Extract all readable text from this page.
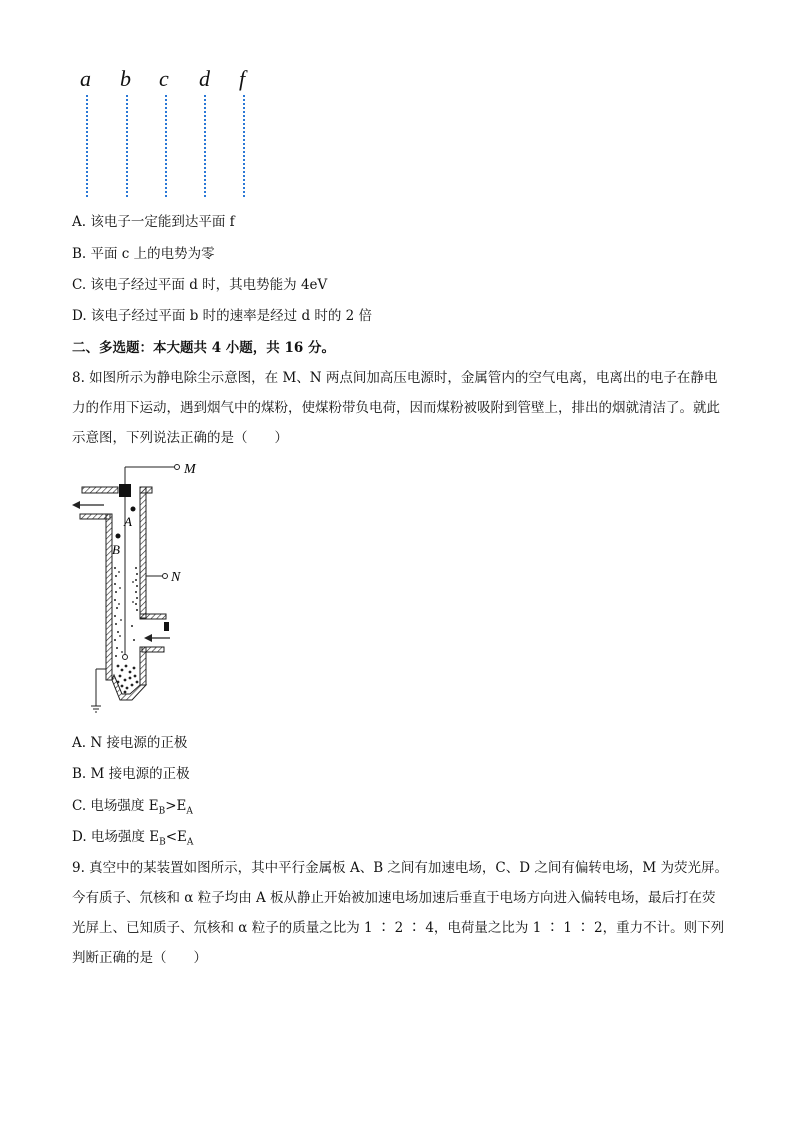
a b c d f
A. 该电子一定能到达平面 f
B. 平面 c 上的电势为零
C. 该电子经过平面 d 时，其电势能为 4eV
D. 该电子经过平面 b 时的速率是经过 d 时的 2 倍
二、多选题：本大题共 4 小题，共 16 分。
8. 如图所示为静电除尘示意图，在 M、N 两点间加高压电源时，金属管内的空气电离，电离出的电子在静电力的作用下运动，遇到烟气中的煤粉，使煤粉带负电荷，因而煤粉被吸附到管壁上，排出的烟就清洁了。就此示意图，下列说法正确的是（　　）
M
N
A
B
A. N 接电源的正极
B. M 接电源的正极
C. 电场强度 $E_B>E_A$
D. 电场强度 $E_B<E_A$
9. 真空中的某装置如图所示，其中平行金属板 A、B 之间有加速电场，C、D 之间有偏转电场，M 为荧光屏。今有质子、氘核和 α 粒子均由 A 板从静止开始被加速电场加速后垂直于电场方向进入偏转电场，最后打在荧光屏上、已知质子、氘核和 α 粒子的质量之比为 1 ∶ 2 ∶ 4，电荷量之比为 1 ∶ 1 ∶ 2，重力不计。则下列判断正确的是（　　）
